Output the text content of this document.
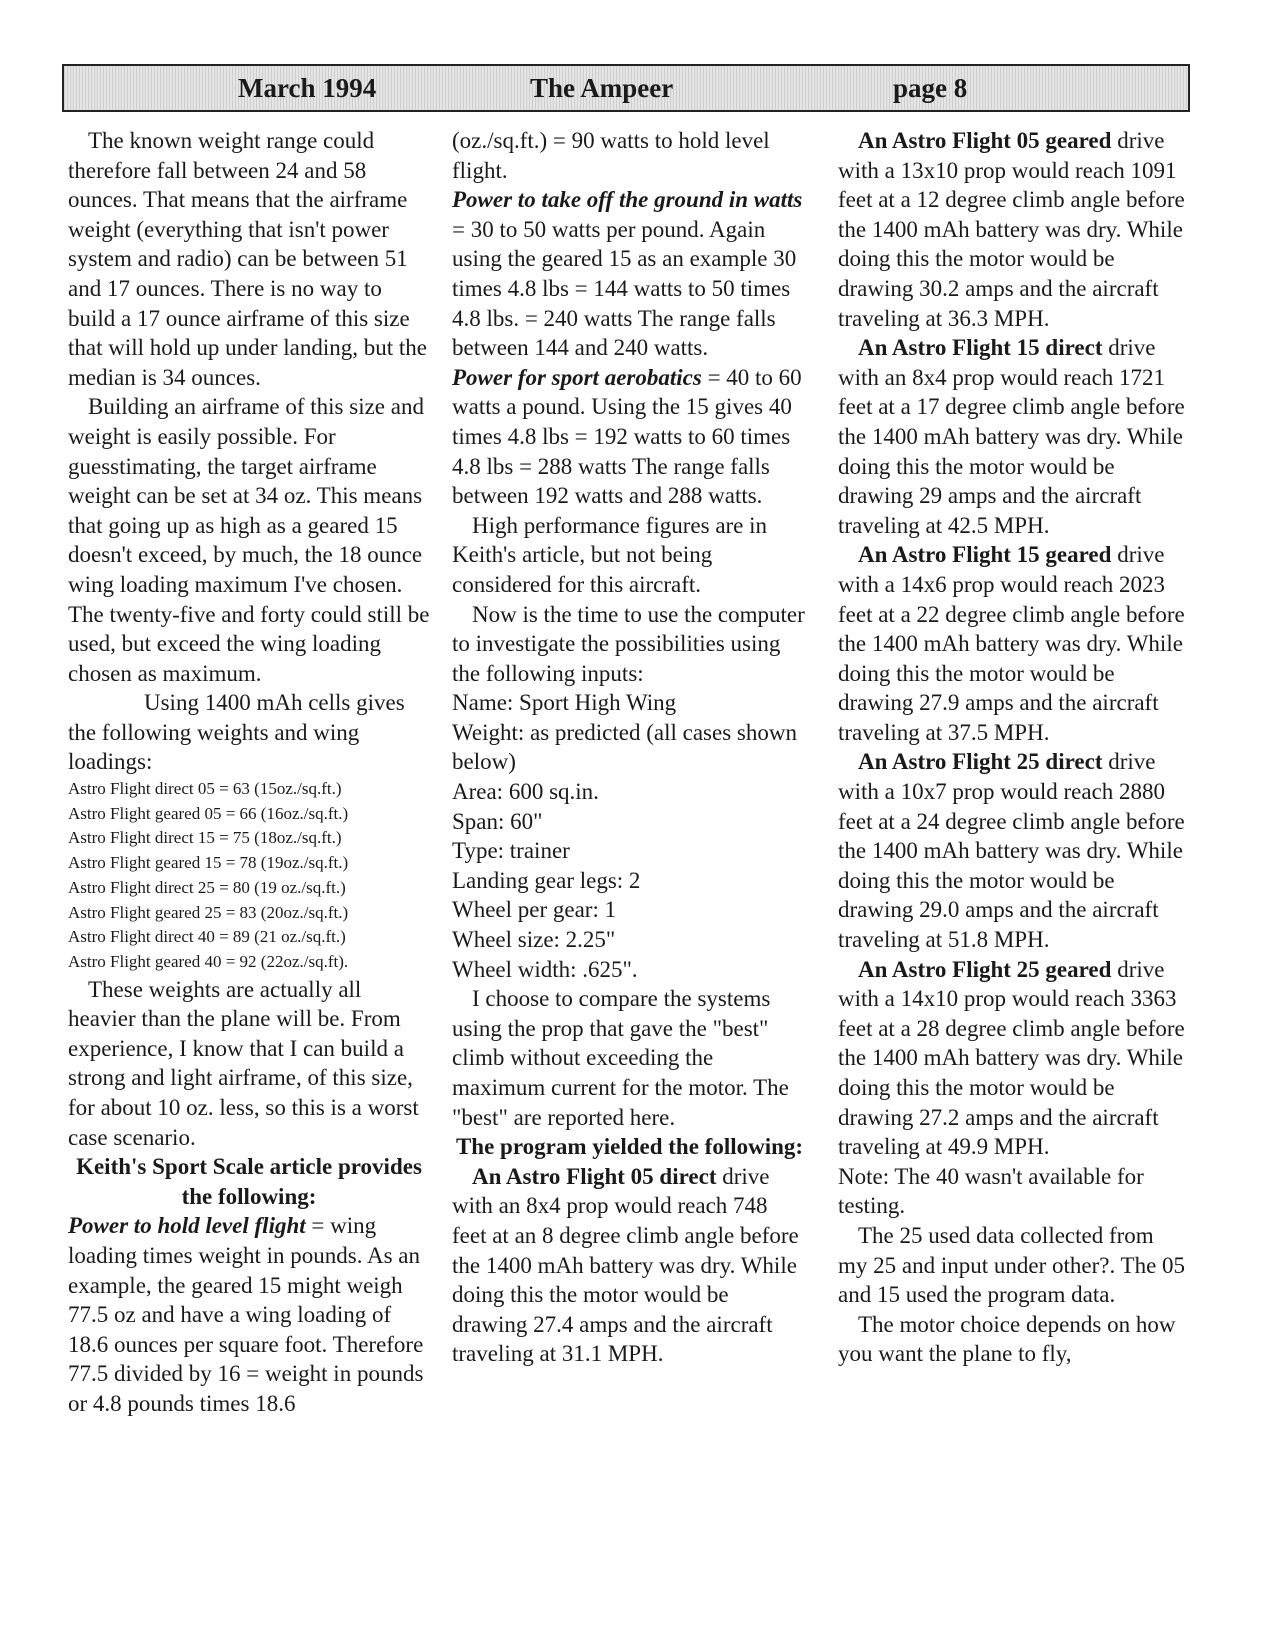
March 1994	The Ampeer	page 8

The known weight range could therefore fall between 24 and 58 ounces. That means that the airframe weight (everything that isn't power system and radio) can be between 51 and 17 ounces. There is no way to build a 17 ounce airframe of this size that will hold up under landing, but the median is 34 ounces.

Building an airframe of this size and weight is easily possible. For guesstimating, the target airframe weight can be set at 34 oz. This means that going up as high as a geared 15 doesn't exceed, by much, the 18 ounce wing loading maximum I've chosen. The twenty-five and forty could still be used, but exceed the wing loading chosen as maximum.

Using 1400 mAh cells gives the following weights and wing loadings:

Astro Flight direct 05 = 63 (15oz./sq.ft.)
Astro Flight geared 05 = 66 (16oz./sq.ft.)
Astro Flight direct 15 = 75 (18oz./sq.ft.)
Astro Flight geared 15 = 78 (19oz./sq.ft.)
Astro Flight direct 25 = 80 (19 oz./sq.ft.)
Astro Flight geared 25 = 83 (20oz./sq.ft.)
Astro Flight direct 40 = 89 (21 oz./sq.ft.)
Astro Flight geared 40 = 92 (22oz./sq.ft).

These weights are actually all heavier than the plane will be. From experience, I know that I can build a strong and light airframe, of this size, for about 10 oz. less, so this is a worst case scenario.

Keith's Sport Scale article provides the following:

Power to hold level flight = wing loading times weight in pounds. As an example, the geared 15 might weigh 77.5 oz and have a wing loading of 18.6 ounces per square foot. Therefore 77.5 divided by 16 = weight in pounds or 4.8 pounds times 18.6

(oz./sq.ft.) = 90 watts to hold level flight.

Power to take off the ground in watts = 30 to 50 watts per pound. Again using the geared 15 as an example 30 times 4.8 lbs = 144 watts to 50 times 4.8 lbs. = 240 watts The range falls between 144 and 240 watts.

Power for sport aerobatics = 40 to 60 watts a pound. Using the 15 gives 40 times 4.8 lbs = 192 watts to 60 times 4.8 lbs = 288 watts The range falls between 192 watts and 288 watts.

High performance figures are in Keith's article, but not being considered for this aircraft.

Now is the time to use the computer to investigate the possibilities using the following inputs:

Name: Sport High Wing
Weight: as predicted (all cases shown below)
Area: 600 sq.in.
Span: 60"
Type: trainer
Landing gear legs: 2
Wheel per gear: 1
Wheel size: 2.25"
Wheel width: .625".

I choose to compare the systems using the prop that gave the "best" climb without exceeding the maximum current for the motor. The "best" are reported here.

The program yielded the following:

An Astro Flight 05 direct drive with an 8x4 prop would reach 748 feet at an 8 degree climb angle before the 1400 mAh battery was dry. While doing this the motor would be drawing 27.4 amps and the aircraft traveling at 31.1 MPH.

An Astro Flight 05 geared drive with a 13x10 prop would reach 1091 feet at a 12 degree climb angle before the 1400 mAh battery was dry. While doing this the motor would be drawing 30.2 amps and the aircraft traveling at 36.3 MPH.

An Astro Flight 15 direct drive with an 8x4 prop would reach 1721 feet at a 17 degree climb angle before the 1400 mAh battery was dry. While doing this the motor would be drawing 29 amps and the aircraft traveling at 42.5 MPH.

An Astro Flight 15 geared drive with a 14x6 prop would reach 2023 feet at a 22 degree climb angle before the 1400 mAh battery was dry. While doing this the motor would be drawing 27.9 amps and the aircraft traveling at 37.5 MPH.

An Astro Flight 25 direct drive with a 10x7 prop would reach 2880 feet at a 24 degree climb angle before the 1400 mAh battery was dry. While doing this the motor would be drawing 29.0 amps and the aircraft traveling at 51.8 MPH.

An Astro Flight 25 geared drive with a 14x10 prop would reach 3363 feet at a 28 degree climb angle before the 1400 mAh battery was dry. While doing this the motor would be drawing 27.2 amps and the aircraft traveling at 49.9 MPH.

Note: The 40 wasn't available for testing.

The 25 used data collected from my 25 and input under other?. The 05 and 15 used the program data.

The motor choice depends on how you want the plane to fly,
